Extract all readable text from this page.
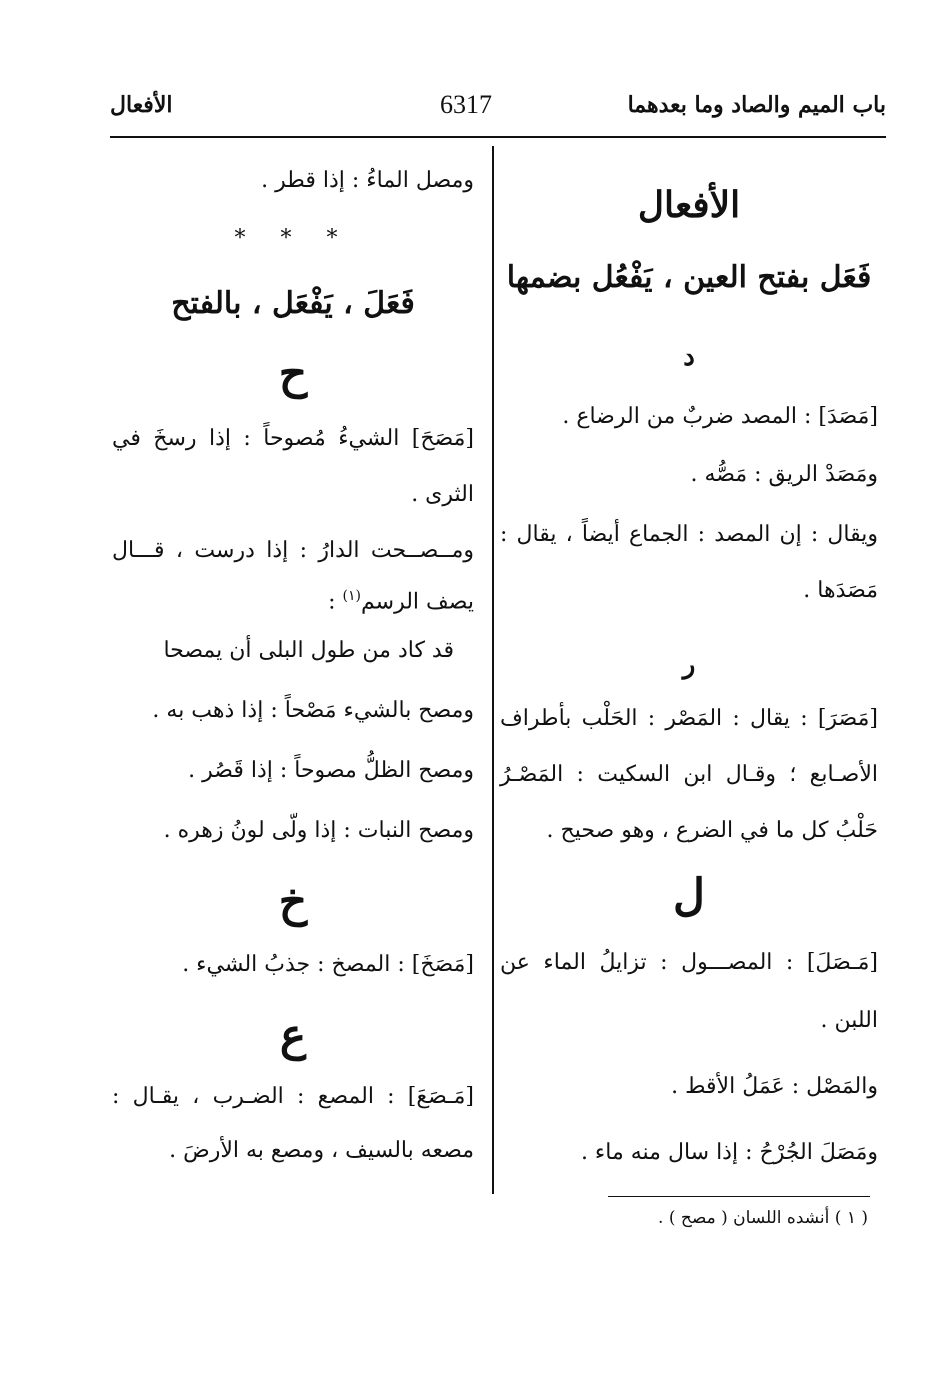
باب الميم والصاد وما بعدهما
6317
الأفعال
الأفعال
فَعَل بفتح العين ، يَفْعُل بضمها
د
[مَصَدَ] : المصد ضربٌ من الرضاع .
ومَصَدْ الريق : مَصُّه .
ويقال : إن المصد : الجماع أيضاً ، يقال :
مَصَدَها .
ر
[مَصَرَ] : يقال : المَصْر : الحَلْب بأطراف
الأصـابع ؛ وقـال ابن السكيت : المَصْـرُ
حَلْبُ كل ما في الضرع ، وهو صحيح .
ل
[مَـصَلَ] : المصـــول : تزايلُ الماء عن
اللبن .
والمَصْل : عَمَلُ الأقط .
ومَصَلَ الجُرْحُ : إذا سال منه ماء .
ومصل الماءُ : إذا قطر .
* * *
فَعَلَ ، يَفْعَل ، بالفتح
ح
[مَصَحَ] الشيءُ مُصوحاً : إذا رسخَ في
الثرى .
ومــصــحت الدارُ : إذا درست ، قـــال
يصف الرسم$^{(١)}$ :
قد كاد من طول البلى أن يمصحا
ومصح بالشيء مَصْحاً : إذا ذهب به .
ومصح الظلُّ مصوحاً : إذا قَصُر .
ومصح النبات : إذا ولّى لونُ زهره .
خ
[مَصَخَ] : المصخ : جذبُ الشيء .
ع
[مَـصَعَ] : المصع : الضـرب ، يقـال :
مصعه بالسيف ، ومصع به الأرضَ .
( ١ ) أنشده اللسان ( مصح ) .
